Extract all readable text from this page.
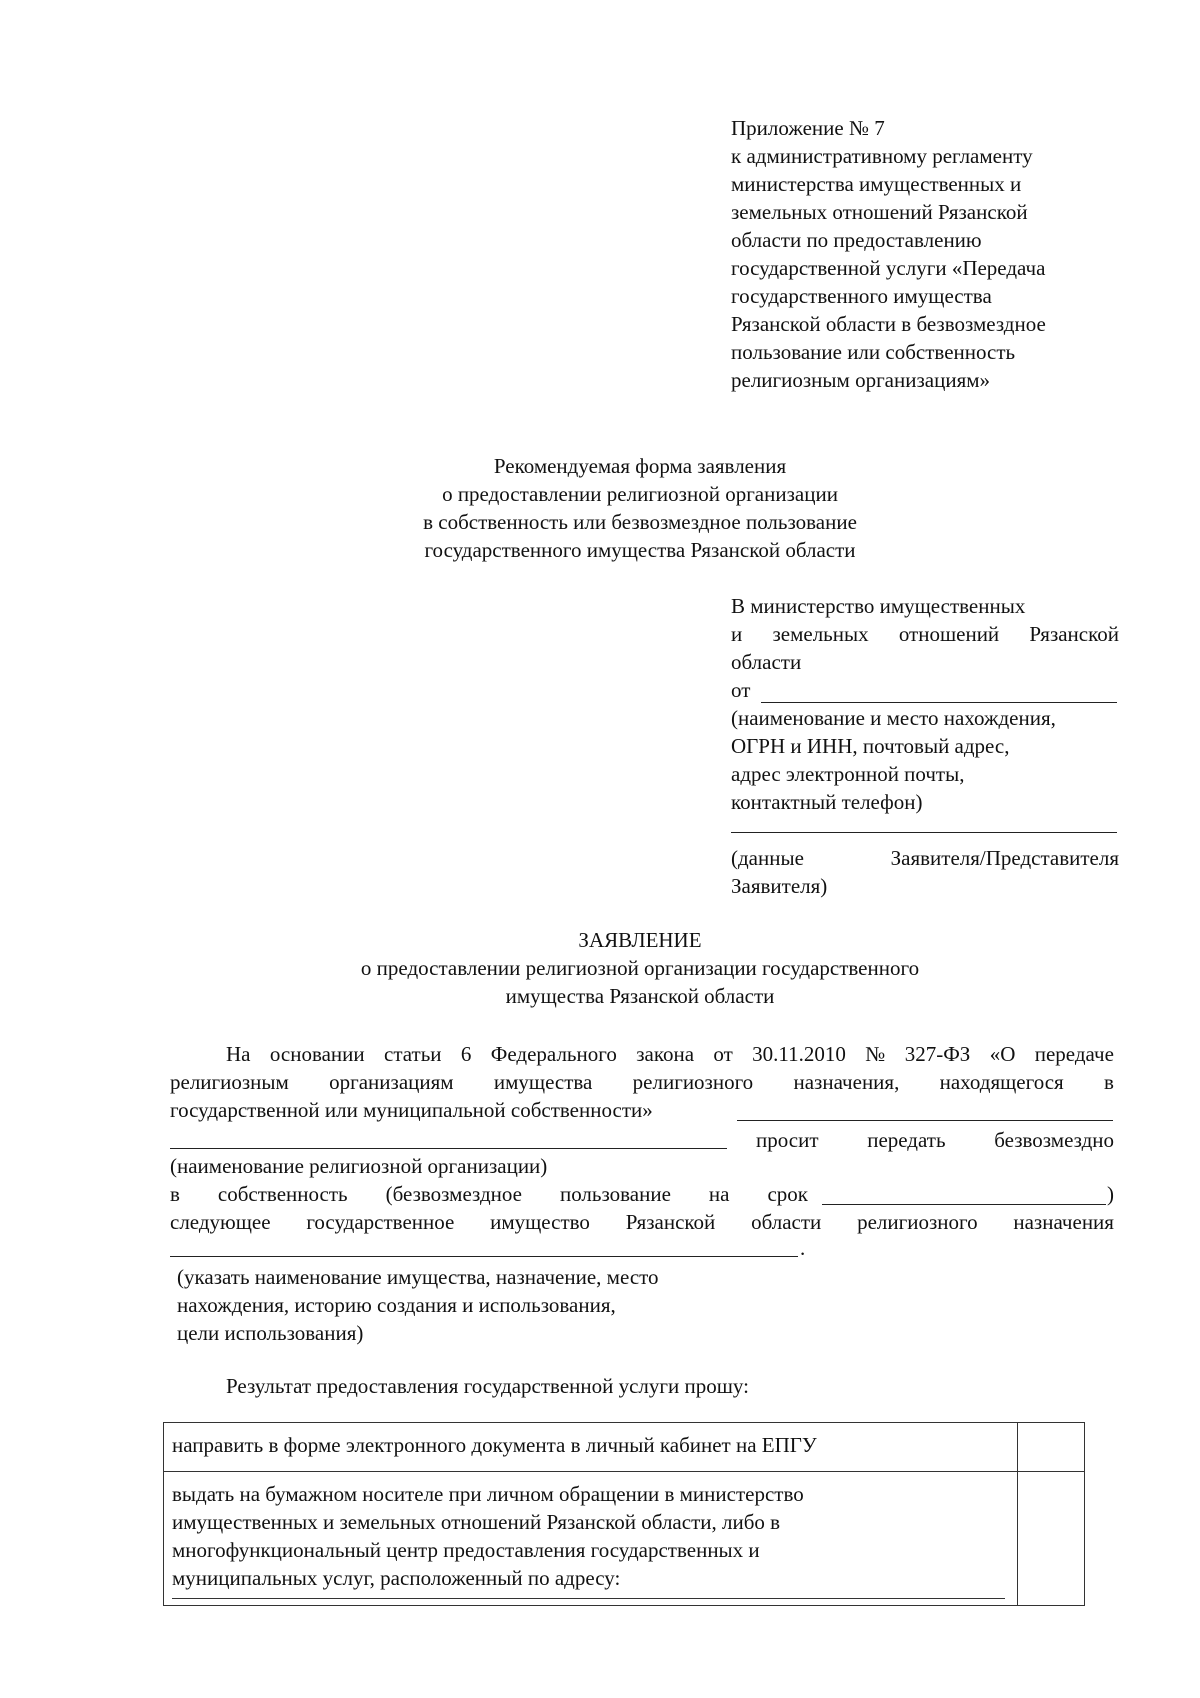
Приложение № 7
к административному регламенту
министерства имущественных и
земельных отношений Рязанской
области по предоставлению
государственной услуги «Передача
государственного имущества
Рязанской области в безвозмездное
пользование или собственность
религиозным организациям»
Рекомендуемая форма заявления
о предоставлении религиозной организации
в собственность или безвозмездное пользование
государственного имущества Рязанской области
В министерство имущественных
и земельных отношений Рязанской
области
от
(наименование и место нахождения,
ОГРН и ИНН, почтовый адрес,
адрес электронной почты,
контактный телефон)
(данные	Заявителя/Представителя
Заявителя)
ЗАЯВЛЕНИЕ
о предоставлении религиозной организации государственного
имущества Рязанской области
На основании статьи 6 Федерального закона от 30.11.2010 № 327-ФЗ «О передаче
религиозным организациям имущества религиозного назначения, находящегося в
государственной или муниципальной собственности»
просит передать безвозмездно
(наименование религиозной организации)
в собственность (безвозмездное пользование на срок	)
следующее государственное имущество Рязанской области религиозного назначения
.
(указать наименование имущества, назначение, место
нахождения, историю создания и использования,
цели использования)
Результат предоставления государственной услуги прошу:
направить в форме электронного документа в личный кабинет на ЕПГУ	

выдать на бумажном носителе при личном обращении в министерство
имущественных и земельных отношений Рязанской области, либо в
многофункциональный центр предоставления государственных и
муниципальных услуг, расположенный по адресу:	
